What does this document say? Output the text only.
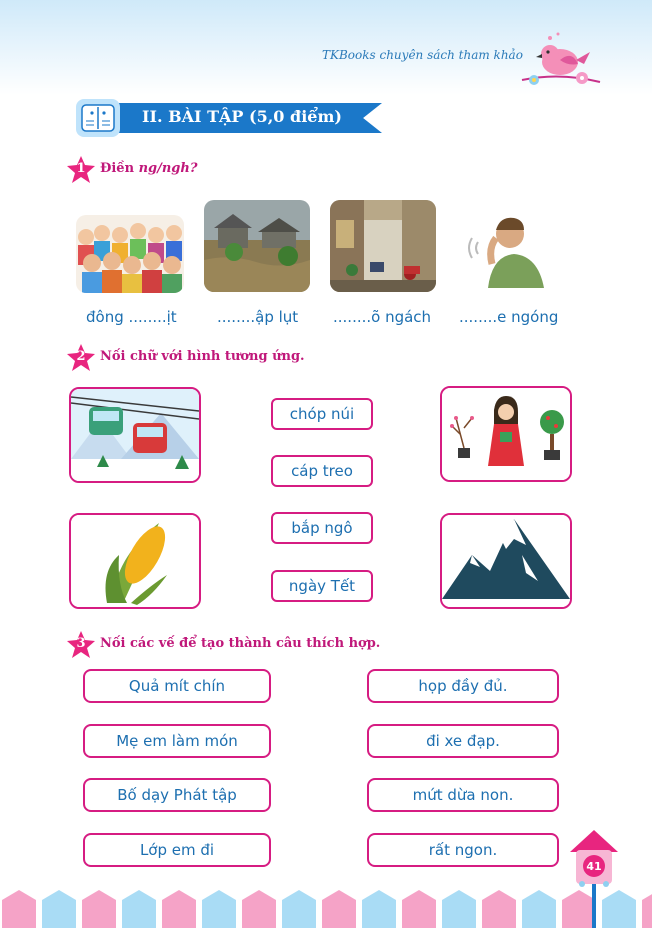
TKBooks chuyên sách tham khảo
II. BÀI TẬP (5,0 điểm)
1	Điền ng/ngh?
đông ........ịt	........ập lụt ........õ ngách ........e ngóng
2	Nối chữ với hình tương ứng.
chóp núi
cáp treo
bắp ngô
ngày Tết
3	Nối các vế để tạo thành câu thích hợp.
Quả mít chín
Mẹ em làm món
Bố dạy Phát tập
Lớp em đi
họp đầy đủ.
đi xe đạp.
mứt dừa non.
rất ngon.
41
